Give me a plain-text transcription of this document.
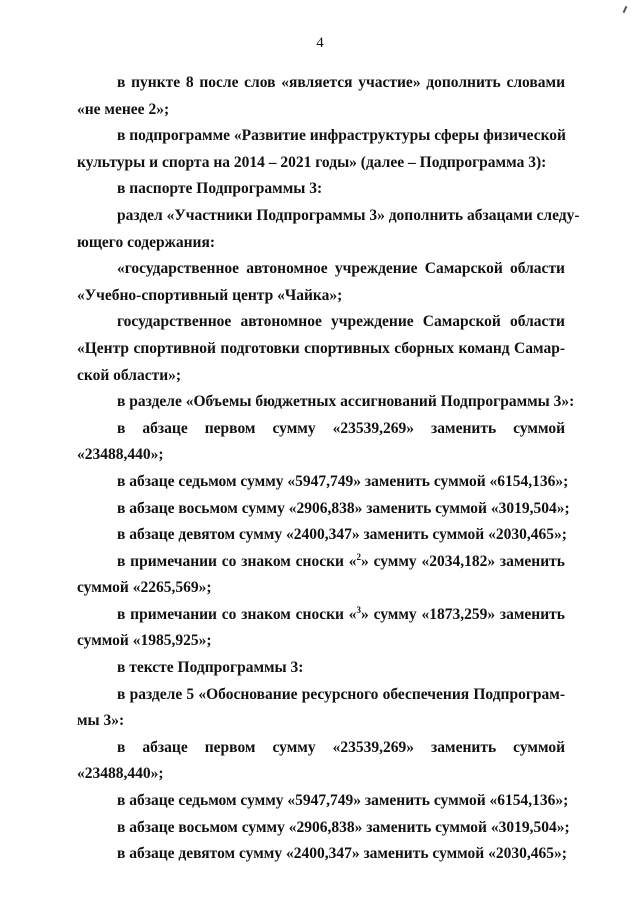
4
в пункте 8 после слов «является участие» дополнить словами
«не менее 2»;
в подпрограмме «Развитие инфраструктуры сферы физической
культуры и спорта на 2014 – 2021 годы» (далее – Подпрограмма 3):
в паспорте Подпрограммы 3:
раздел «Участники Подпрограммы 3» дополнить абзацами следу-
ющего содержания:
«государственное автономное учреждение Самарской области
«Учебно-спортивный центр «Чайка»;
государственное автономное учреждение Самарской области
«Центр спортивной подготовки спортивных сборных команд Самар-
ской области»;
в разделе «Объемы бюджетных ассигнований Подпрограммы 3»:
в абзаце первом сумму «23539,269» заменить суммой
«23488,440»;
в абзаце седьмом сумму «5947,749» заменить суммой «6154,136»;
в абзаце восьмом сумму «2906,838» заменить суммой «3019,504»;
в абзаце девятом сумму «2400,347» заменить суммой «2030,465»;
в примечании со знаком сноски «$^2$» сумму «2034,182» заменить
суммой «2265,569»;
в примечании со знаком сноски «$^3$» сумму «1873,259» заменить
суммой «1985,925»;
в тексте Подпрограммы 3:
в разделе 5 «Обоснование ресурсного обеспечения Подпрограм-
мы 3»:
в абзаце первом сумму «23539,269» заменить суммой
«23488,440»;
в абзаце седьмом сумму «5947,749» заменить суммой «6154,136»;
в абзаце восьмом сумму «2906,838» заменить суммой «3019,504»;
в абзаце девятом сумму «2400,347» заменить суммой «2030,465»;
